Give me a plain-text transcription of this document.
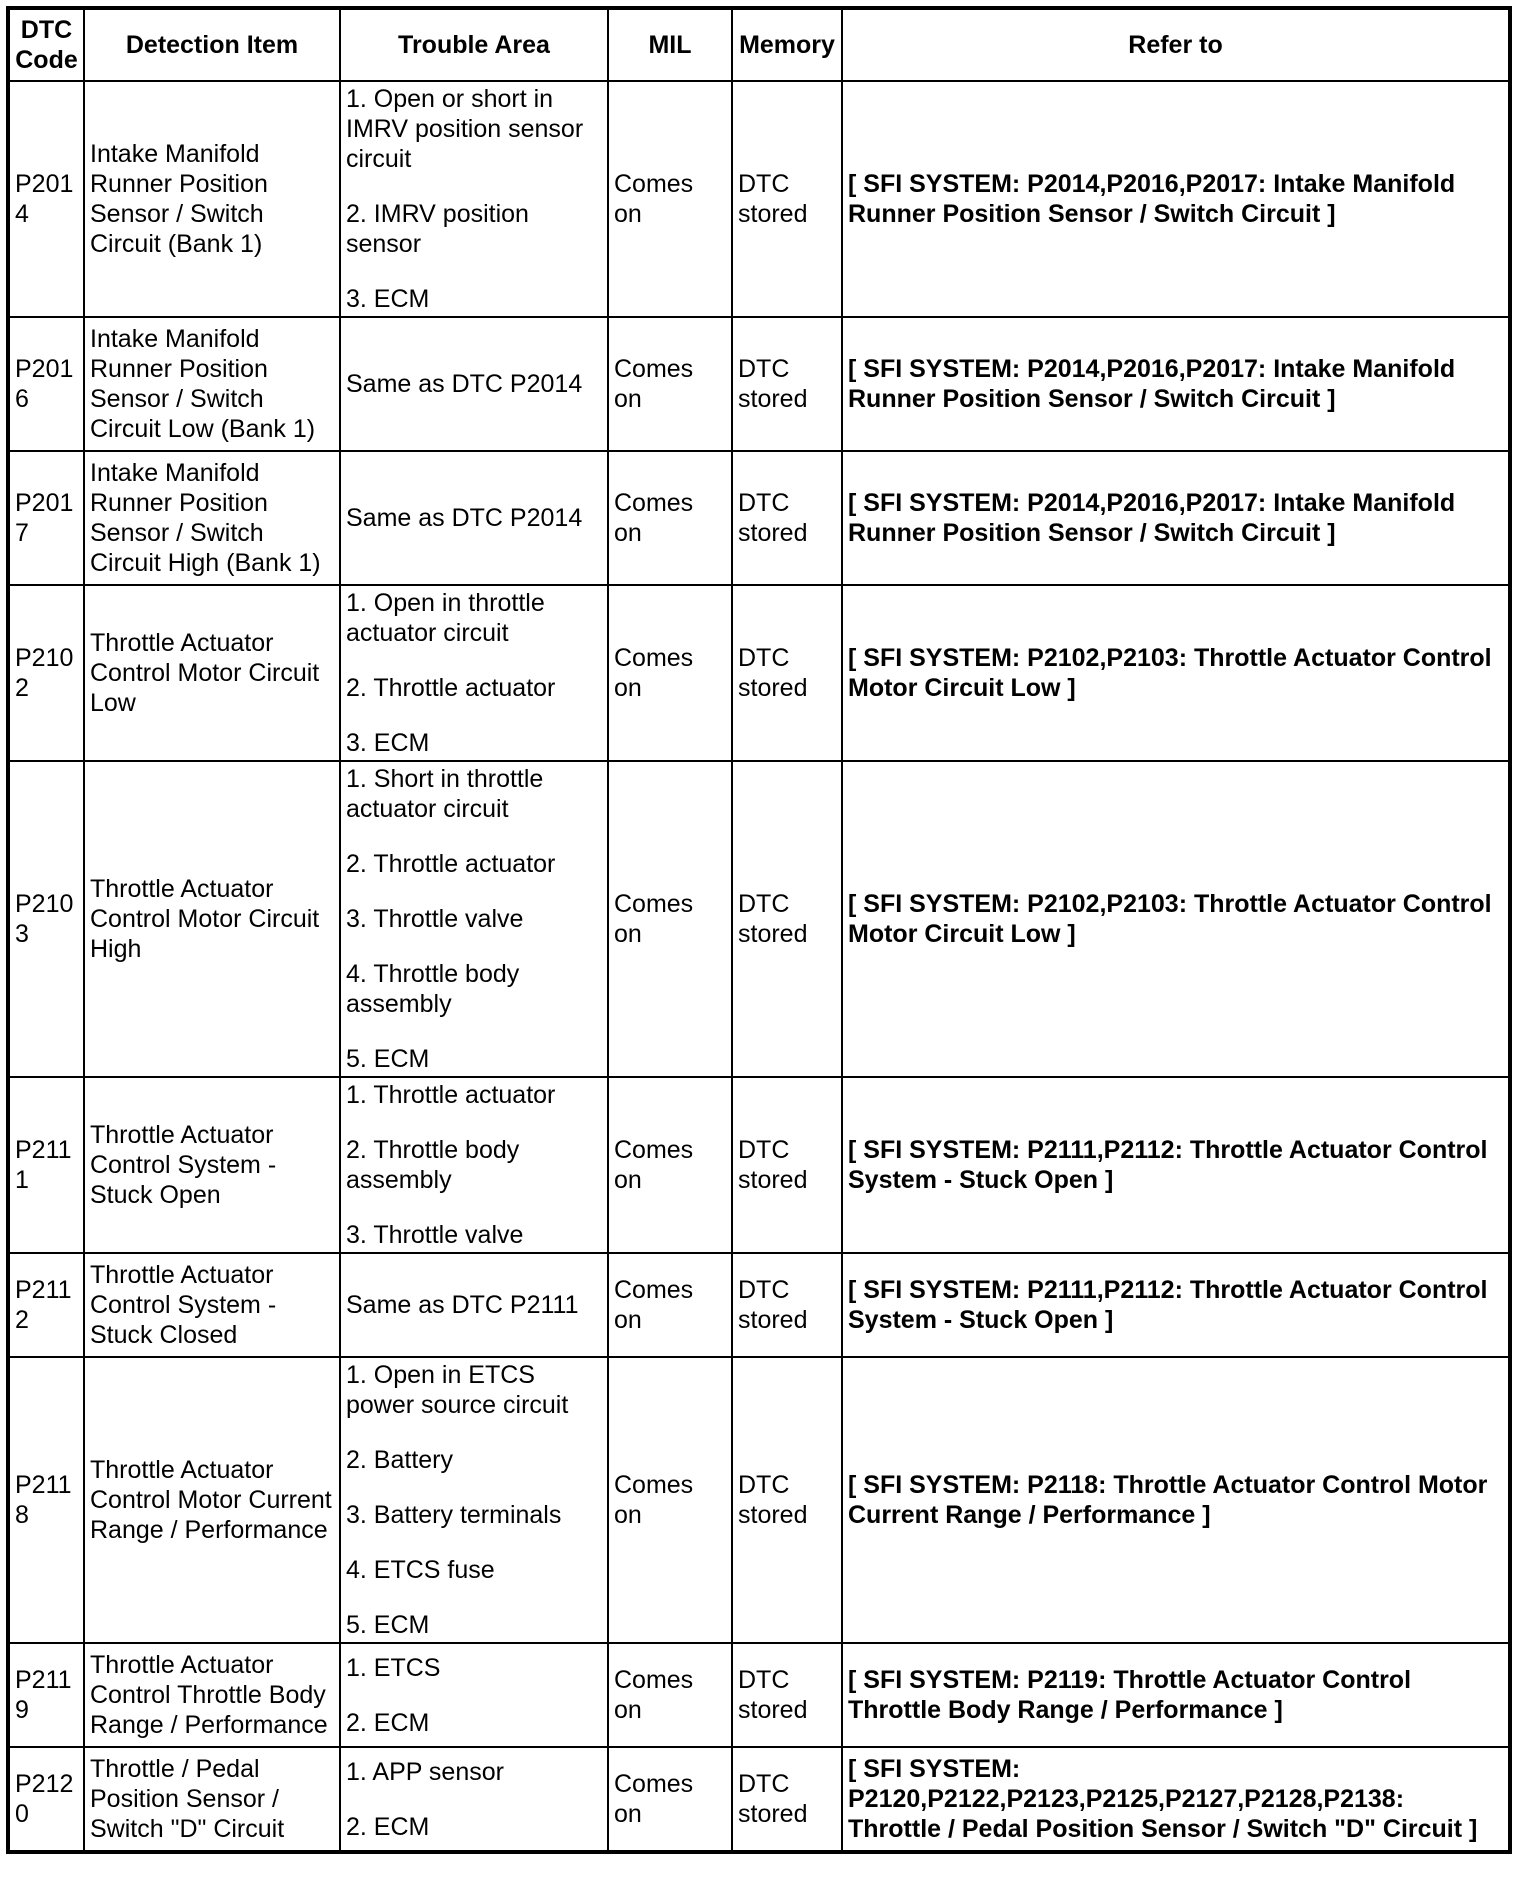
DTC Code	Detection Item	Trouble Area	MIL	Memory	Refer to
P2014	Intake Manifold Runner Position Sensor / Switch Circuit (Bank 1)	1. Open or short in IMRV position sensor circuit
2. IMRV position sensor
3. ECM	Comes on	DTC stored	[ SFI SYSTEM: P2014,P2016,P2017: Intake Manifold Runner Position Sensor / Switch Circuit ]
P2016	Intake Manifold Runner Position Sensor / Switch Circuit Low (Bank 1)	Same as DTC P2014	Comes on	DTC stored	[ SFI SYSTEM: P2014,P2016,P2017: Intake Manifold Runner Position Sensor / Switch Circuit ]
P2017	Intake Manifold Runner Position Sensor / Switch Circuit High (Bank 1)	Same as DTC P2014	Comes on	DTC stored	[ SFI SYSTEM: P2014,P2016,P2017: Intake Manifold Runner Position Sensor / Switch Circuit ]
P2102	Throttle Actuator Control Motor Circuit Low	1. Open in throttle actuator circuit
2. Throttle actuator
3. ECM	Comes on	DTC stored	[ SFI SYSTEM: P2102,P2103: Throttle Actuator Control Motor Circuit Low ]
P2103	Throttle Actuator Control Motor Circuit High	1. Short in throttle actuator circuit
2. Throttle actuator
3. Throttle valve
4. Throttle body assembly
5. ECM	Comes on	DTC stored	[ SFI SYSTEM: P2102,P2103: Throttle Actuator Control Motor Circuit Low ]
P2111	Throttle Actuator Control System - Stuck Open	1. Throttle actuator
2. Throttle body assembly
3. Throttle valve	Comes on	DTC stored	[ SFI SYSTEM: P2111,P2112: Throttle Actuator Control System - Stuck Open ]
P2112	Throttle Actuator Control System - Stuck Closed	Same as DTC P2111	Comes on	DTC stored	[ SFI SYSTEM: P2111,P2112: Throttle Actuator Control System - Stuck Open ]
P2118	Throttle Actuator Control Motor Current Range / Performance	1. Open in ETCS power source circuit
2. Battery
3. Battery terminals
4. ETCS fuse
5. ECM	Comes on	DTC stored	[ SFI SYSTEM: P2118: Throttle Actuator Control Motor Current Range / Performance ]
P2119	Throttle Actuator Control Throttle Body Range / Performance	1. ETCS
2. ECM	Comes on	DTC stored	[ SFI SYSTEM: P2119: Throttle Actuator Control Throttle Body Range / Performance ]
P2120	Throttle / Pedal Position Sensor / Switch "D" Circuit	1. APP sensor
2. ECM	Comes on	DTC stored	[ SFI SYSTEM: P2120,P2122,P2123,P2125,P2127,P2128,P2138: Throttle / Pedal Position Sensor / Switch "D" Circuit ]
